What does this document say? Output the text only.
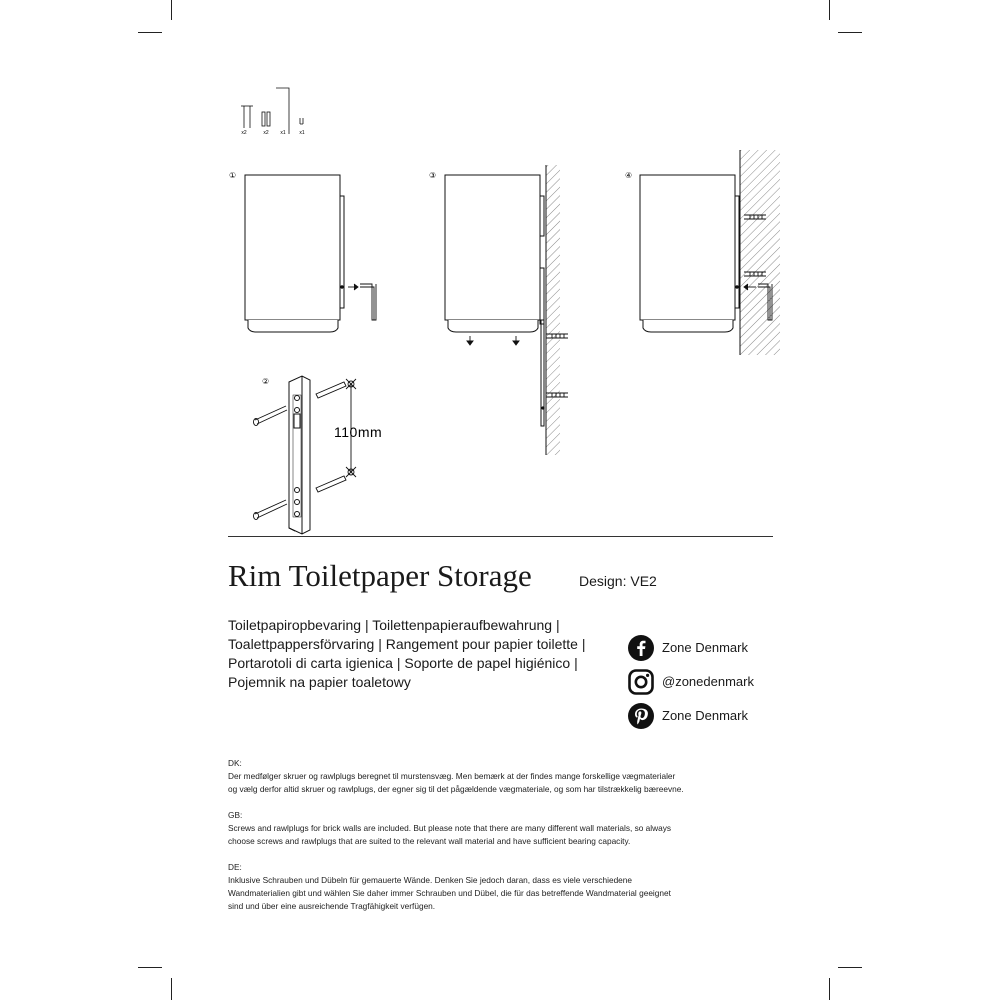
x2	x2 x1	x1
①
②
110mm
③	④
Rim Toiletpaper Storage	Design: VE2
Toiletpapiropbevaring | Toilettenpapieraufbewahrung |
Toalettpappersförvaring | Rangement pour papier toilette |
Portarotoli di carta igienica | Soporte de papel higiénico |
Pojemnik na papier toaletowy
Zone Denmark
@zonedenmark
Zone Denmark
DK:

Der medfølger skruer og rawlplugs beregnet til murstensvæg. Men bemærk at der findes mange forskellige vægmaterialer
og vælg derfor altid skruer og rawlplugs, der egner sig til det pågældende vægmateriale, og som har tilstrækkelig bæreevne.

GB:

Screws and rawlplugs for brick walls are included. But please note that there are many different wall materials, so always
choose screws and rawlplugs that are suited to the relevant wall material and have sufficient bearing capacity.

DE:

Inklusive Schrauben und Dübeln für gemauerte Wände. Denken Sie jedoch daran, dass es viele verschiedene
Wandmaterialien gibt und wählen Sie daher immer Schrauben und Dübel, die für das betreffende Wandmaterial geeignet
sind und über eine ausreichende Tragfähigkeit verfügen.
